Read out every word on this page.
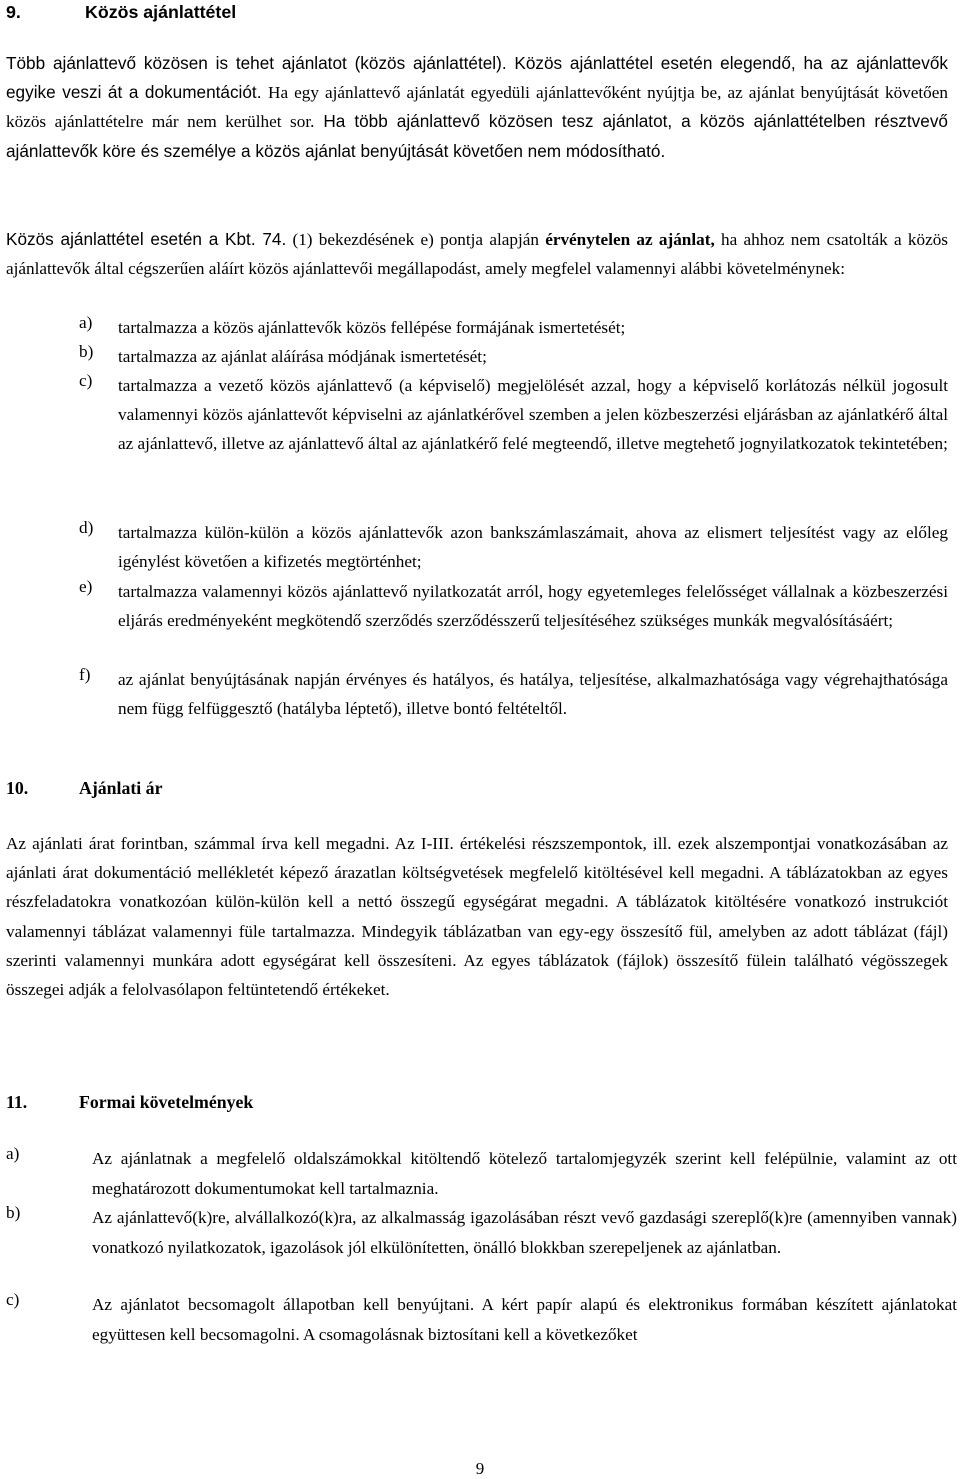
9.	Közös ajánlattétel
Több ajánlattevő közösen is tehet ajánlatot (közös ajánlattétel). Közös ajánlattétel esetén elegendő, ha az ajánlattevők egyike veszi át a dokumentációt. Ha egy ajánlattevő ajánlatát egyedüli ajánlattevőként nyújtja be, az ajánlat benyújtását követően közös ajánlattételre már nem kerülhet sor. Ha több ajánlattevő közösen tesz ajánlatot, a közös ajánlattételben résztvevő ajánlattevők köre és személye a közös ajánlat benyújtását követően nem módosítható.
Közös ajánlattétel esetén a Kbt. 74. (1) bekezdésének e) pontja alapján érvénytelen az ajánlat, ha ahhoz nem csatolták a közös ajánlattevők által cégszerűen aláírt közös ajánlattevői megállapodást, amely megfelel valamennyi alábbi követelménynek:
a) tartalmazza a közös ajánlattevők közös fellépése formájának ismertetését;
b) tartalmazza az ajánlat aláírása módjának ismertetését;
c) tartalmazza a vezető közös ajánlattevő (a képviselő) megjelölését azzal, hogy a képviselő korlátozás nélkül jogosult valamennyi közös ajánlattevőt képviselni az ajánlatkérővel szemben a jelen közbeszerzési eljárásban az ajánlatkérő által az ajánlattevő, illetve az ajánlattevő által az ajánlatkérő felé megteendő, illetve megtehető jognyilatkozatok tekintetében;
d) tartalmazza külön-külön a közös ajánlattevők azon bankszámlaszámait, ahova az elismert teljesítést vagy az előleg igénylést követően a kifizetés megtörténhet;
e) tartalmazza valamennyi közös ajánlattevő nyilatkozatát arról, hogy egyetemleges felelősséget vállalnak a közbeszerzési eljárás eredményeként megkötendő szerződés szerződésszerű teljesítéséhez szükséges munkák megvalósításáért;
f) az ajánlat benyújtásának napján érvényes és hatályos, és hatálya, teljesítése, alkalmazhatósága vagy végrehajthatósága nem függ felfüggesztő (hatályba léptető), illetve bontó feltételtől.
10.	Ajánlati ár
Az ajánlati árat forintban, számmal írva kell megadni. Az I-III. értékelési részszempontok, ill. ezek alszempontjai vonatkozásában az ajánlati árat dokumentáció mellékletét képező árazatlan költségvetések megfelelő kitöltésével kell megadni. A táblázatokban az egyes részfeladatokra vonatkozóan külön-külön kell a nettó összegű egységárat megadni. A táblázatok kitöltésére vonatkozó instrukciót valamennyi táblázat valamennyi füle tartalmazza. Mindegyik táblázatban van egy-egy összesítő fül, amelyben az adott táblázat (fájl) szerinti valamennyi munkára adott egységárat kell összesíteni. Az egyes táblázatok (fájlok) összesítő fülein található végösszegek összegei adják a felolvasólapon feltüntetendő értékeket.
11.	Formai követelmények
a)	Az ajánlatnak a megfelelő oldalszámokkal kitöltendő kötelező tartalomjegyzék szerint kell felépülnie, valamint az ott meghatározott dokumentumokat kell tartalmaznia.
b)	Az ajánlattevő(k)re, alvállalkozó(k)ra, az alkalmasság igazolásában részt vevő gazdasági szereplő(k)re (amennyiben vannak) vonatkozó nyilatkozatok, igazolások jól elkülönítetten, önálló blokkban szerepeljenek az ajánlatban.
c)	Az ajánlatot becsomagolt állapotban kell benyújtani. A kért papír alapú és elektronikus formában készített ajánlatokat együttesen kell becsomagolni. A csomagolásnak biztosítani kell a következőket
9
